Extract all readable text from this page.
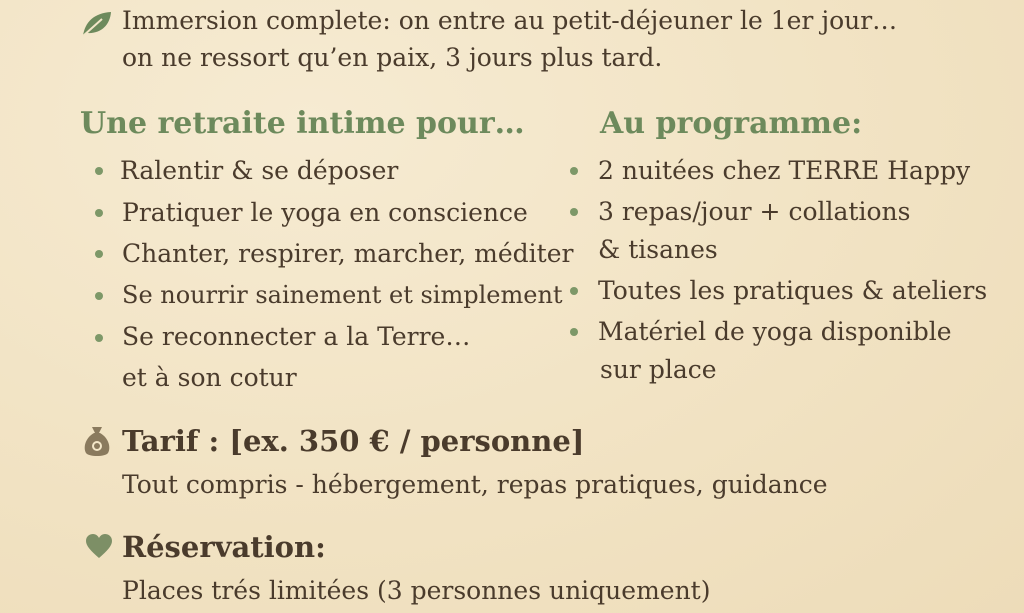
Immersion complete: on entre au petit-déjeuner le 1er jour…
on ne ressort qu’en paix, 3 jours plus tard.
Une retraite intime pour…
Ralentir & se déposer
Pratiquer le yoga en conscience
Chanter, respirer, marcher, méditer
Se nourrir sainement et simplement
Se reconnecter a la Terre…
et à son cotur
Au programme:
2 nuitées chez TERRE Happy
3 repas/jour + collations
& tisanes
Toutes les pratiques & ateliers
Matériel de yoga disponible
sur place
Tarif : [ex. 350 € / personne]
Tout compris - hébergement, repas pratiques, guidance
Réservation:
Places trés limitées (3 personnes uniquement)
